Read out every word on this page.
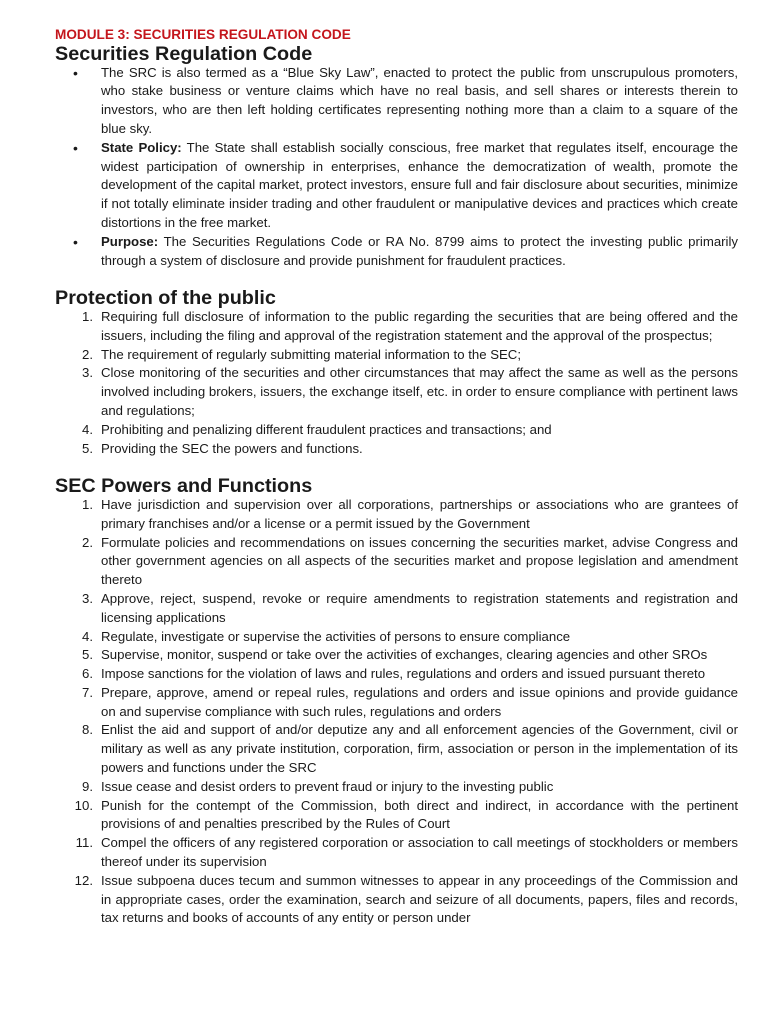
MODULE 3: SECURITIES REGULATION CODE
Securities Regulation Code
• The SRC is also termed as a “Blue Sky Law”, enacted to protect the public from unscrupulous promoters, who stake business or venture claims which have no real basis, and sell shares or interests therein to investors, who are then left holding certificates representing nothing more than a claim to a square of the blue sky.
• State Policy: The State shall establish socially conscious, free market that regulates itself, encourage the widest participation of ownership in enterprises, enhance the democratization of wealth, promote the development of the capital market, protect investors, ensure full and fair disclosure about securities, minimize if not totally eliminate insider trading and other fraudulent or manipulative devices and practices which create distortions in the free market.
• Purpose: The Securities Regulations Code or RA No. 8799 aims to protect the investing public primarily through a system of disclosure and provide punishment for fraudulent practices.
Protection of the public
1. Requiring full disclosure of information to the public regarding the securities that are being offered and the issuers, including the filing and approval of the registration statement and the approval of the prospectus;
2. The requirement of regularly submitting material information to the SEC;
3. Close monitoring of the securities and other circumstances that may affect the same as well as the persons involved including brokers, issuers, the exchange itself, etc. in order to ensure compliance with pertinent laws and regulations;
4. Prohibiting and penalizing different fraudulent practices and transactions; and
5. Providing the SEC the powers and functions.
SEC Powers and Functions
1. Have jurisdiction and supervision over all corporations, partnerships or associations who are grantees of primary franchises and/or a license or a permit issued by the Government
2. Formulate policies and recommendations on issues concerning the securities market, advise Congress and other government agencies on all aspects of the securities market and propose legislation and amendment thereto
3. Approve, reject, suspend, revoke or require amendments to registration statements and registration and licensing applications
4. Regulate, investigate or supervise the activities of persons to ensure compliance
5. Supervise, monitor, suspend or take over the activities of exchanges, clearing agencies and other SROs
6. Impose sanctions for the violation of laws and rules, regulations and orders and issued pursuant thereto
7. Prepare, approve, amend or repeal rules, regulations and orders and issue opinions and provide guidance on and supervise compliance with such rules, regulations and orders
8. Enlist the aid and support of and/or deputize any and all enforcement agencies of the Government, civil or military as well as any private institution, corporation, firm, association or person in the implementation of its powers and functions under the SRC
9. Issue cease and desist orders to prevent fraud or injury to the investing public
10. Punish for the contempt of the Commission, both direct and indirect, in accordance with the pertinent provisions of and penalties prescribed by the Rules of Court
11. Compel the officers of any registered corporation or association to call meetings of stockholders or members thereof under its supervision
12. Issue subpoena duces tecum and summon witnesses to appear in any proceedings of the Commission and in appropriate cases, order the examination, search and seizure of all documents, papers, files and records, tax returns and books of accounts of any entity or person under
